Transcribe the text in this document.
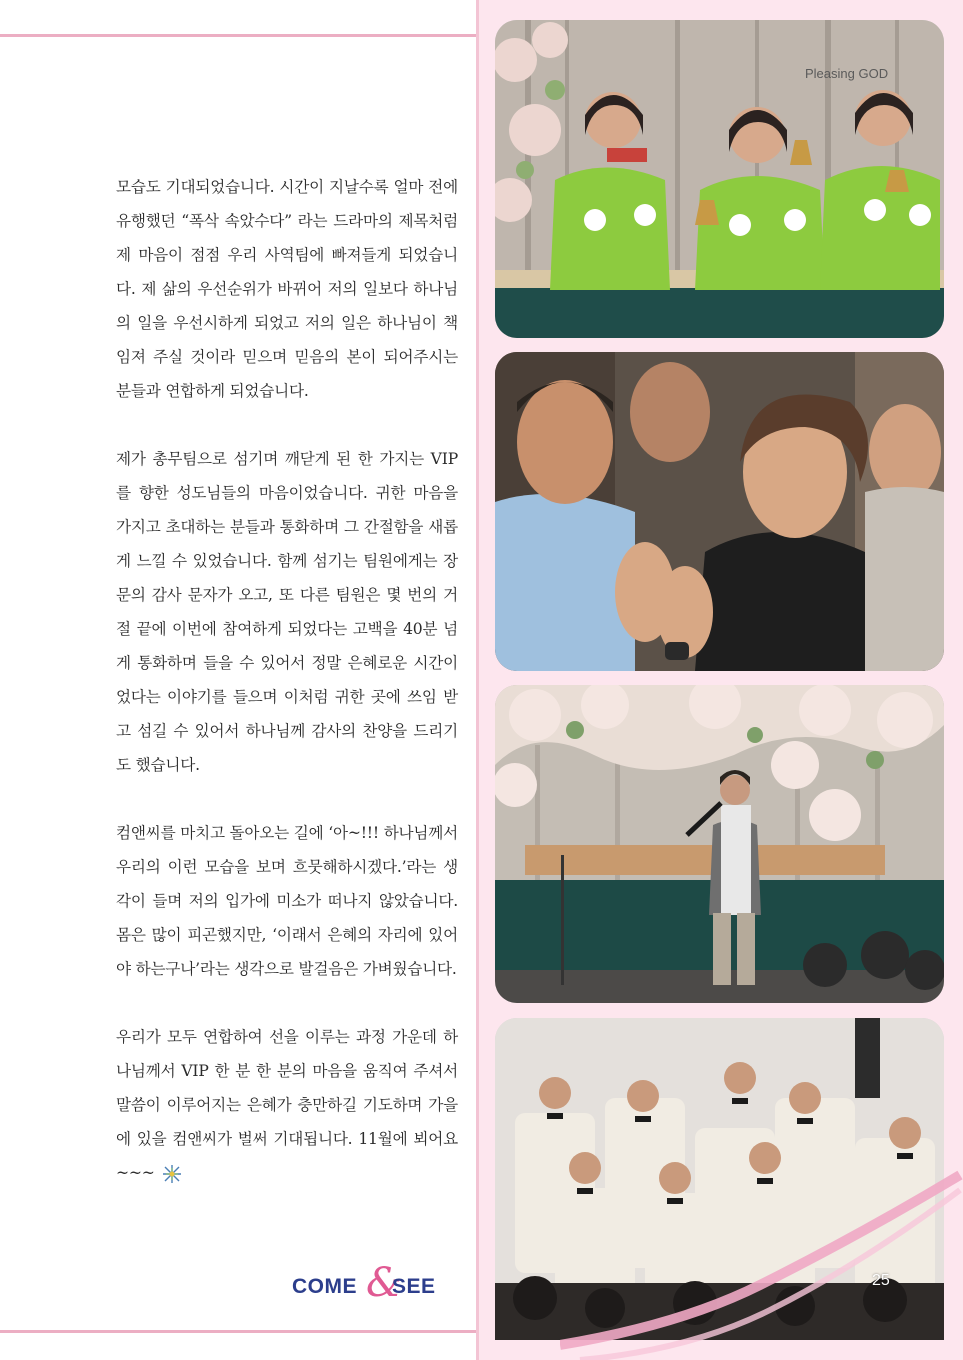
모습도 기대되었습니다. 시간이 지날수록 얼마 전에 유행했던 “폭삭 속았수다” 라는 드라마의 제목처럼 제 마음이 점점 우리 사역팀에 빠져들게 되었습니다. 제 삶의 우선순위가 바뀌어 저의 일보다 하나님의 일을 우선시하게 되었고 저의 일은 하나님이 책임져 주실 것이라 믿으며 믿음의 본이 되어주시는 분들과 연합하게 되었습니다.

제가 총무팀으로 섬기며 깨닫게 된 한 가지는 VIP를 향한 성도님들의 마음이었습니다. 귀한 마음을 가지고 초대하는 분들과 통화하며 그 간절함을 새롭게 느낄 수 있었습니다. 함께 섬기는 팀원에게는 장문의 감사 문자가 오고, 또 다른 팀원은 몇 번의 거절 끝에 이번에 참여하게 되었다는 고백을 40분 넘게 통화하며 들을 수 있어서 정말 은혜로운 시간이었다는 이야기를 들으며 이처럼 귀한 곳에 쓰임 받고 섬길 수 있어서 하나님께 감사의 찬양을 드리기도 했습니다.

컴앤씨를 마치고 돌아오는 길에 ‘아~!!! 하나님께서 우리의 이런 모습을 보며 흐뭇해하시겠다.’라는 생각이 들며 저의 입가에 미소가 떠나지 않았습니다. 몸은 많이 피곤했지만, ‘이래서 은혜의 자리에 있어야 하는구나’라는 생각으로 발걸음은 가벼웠습니다.

우리가 모두 연합하여 선을 이루는 과정 가운데 하나님께서 VIP 한 분 한 분의 마음을 움직여 주셔서 말씀이 이루어지는 은혜가 충만하길 기도하며 가을에 있을 컴앤씨가 벌써 기대됩니다. 11월에 뵈어요~~~

COME &
SEE
Pleasing GOD
25
